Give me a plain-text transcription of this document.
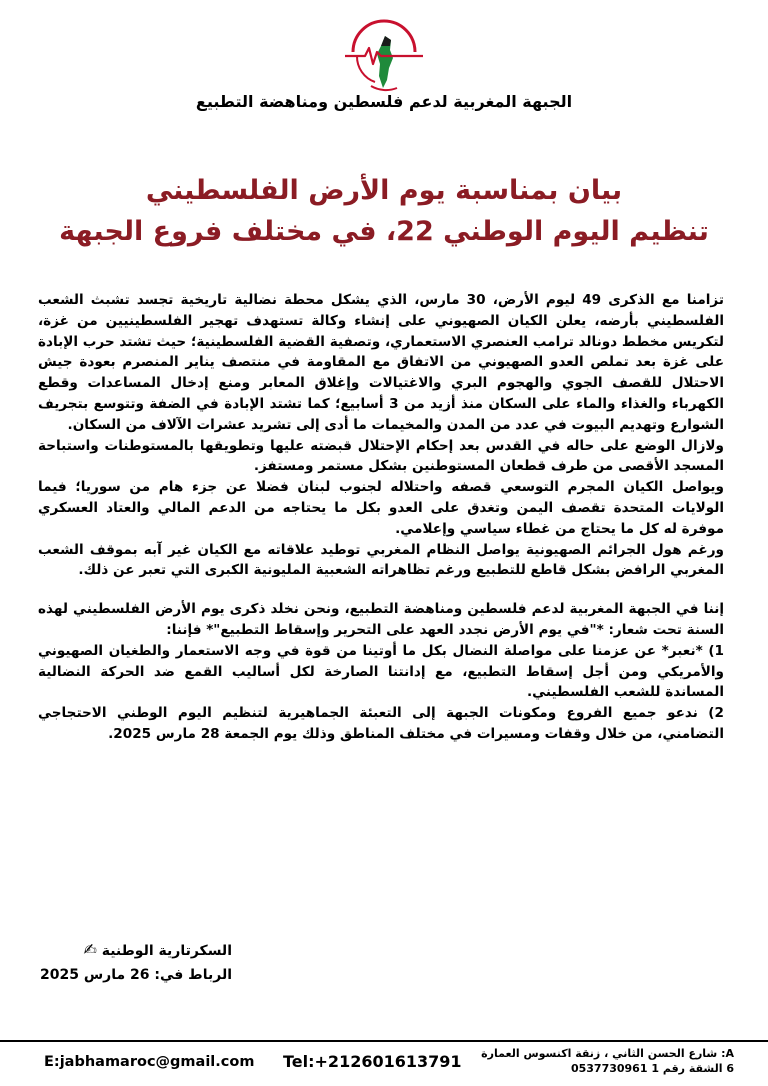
الجبهة المغربية لدعم فلسطين ومناهضة التطبيع
بيان بمناسبة يوم الأرض الفلسطيني
تنظيم اليوم الوطني 22، في مختلف فروع الجبهة

تزامنا مع الذكرى 49 ليوم الأرض، 30 مارس، الذي يشكل محطة نضالية تاريخية تجسد تشبث الشعب الفلسطيني بأرضه، يعلن الكيان الصهيوني على إنشاء وكالة تستهدف تهجير الفلسطينيين من غزة، لتكريس مخطط دونالد ترامب العنصري الاستعماري، وتصفية القضية الفلسطينية؛ حيث تشتد حرب الإبادة على غزة بعد تملص العدو الصهيوني من الاتفاق مع المقاومة في منتصف يناير المنصرم بعودة جيش الاحتلال للقصف الجوي والهجوم البري والاغتيالات وإغلاق المعابر ومنع إدخال المساعدات وقطع الكهرباء والغذاء والماء على السكان منذ أزيد من 3 أسابيع؛ كما تشتد الإبادة في الضفة وتتوسع بتجريف الشوارع وتهديم البيوت في عدد من المدن والمخيمات ما أدى إلى تشريد عشرات الآلاف من السكان.

ولازال الوضع على حاله في القدس بعد إحكام الإحتلال قبضته عليها وتطويقها بالمستوطنات واستباحة المسجد الأقصى من طرف قطعان المستوطنين بشكل مستمر ومستفز.

ويواصل الكيان المجرم التوسعي قصفه واحتلاله لجنوب لبنان فضلا عن جزء هام من سوريا؛ فيما الولايات المتحدة تقصف اليمن وتغدق على العدو بكل ما يحتاجه من الدعم المالي والعتاد العسكري موفرة له كل ما يحتاج من غطاء سياسي وإعلامي.

ورغم هول الجرائم الصهيونية يواصل النظام المغربي توطيد علاقاته مع الكيان غير آبه بموقف الشعب المغربي الرافض بشكل قاطع للتطبيع ورغم تظاهراته الشعبية المليونية الكبرى التي تعبر عن ذلك.

إننا في الجبهة المغربية لدعم فلسطين ومناهضة التطبيع، ونحن نخلد ذكرى يوم الأرض الفلسطيني لهذه السنة تحت شعار: *"في يوم الأرض نجدد العهد على التحرير وإسقاط التطبيع"* فإننا:

1) *نعبر* عن عزمنا على مواصلة النضال بكل ما أوتينا من قوة في وجه الاستعمار والطغيان الصهيوني والأمريكي ومن أجل إسقاط التطبيع، مع إدانتنا الصارخة لكل أساليب القمع ضد الحركة النضالية المساندة للشعب الفلسطيني.

2) ندعو جميع الفروع ومكونات الجبهة إلى التعبئة الجماهيرية لتنظيم اليوم الوطني الاحتجاجي التضامني، من خلال وقفات ومسيرات في مختلف المناطق وذلك يوم الجمعة 28 مارس 2025.

السكرتارية الوطنية ✍
الرباط في: 26 مارس 2025
E:jabhamaroc@gmail.com Tel:+212601613791 A: شارع الحسن الثاني ، زنقة اكنسوس العمارة
6 الشقة رقم 1 0537730961
